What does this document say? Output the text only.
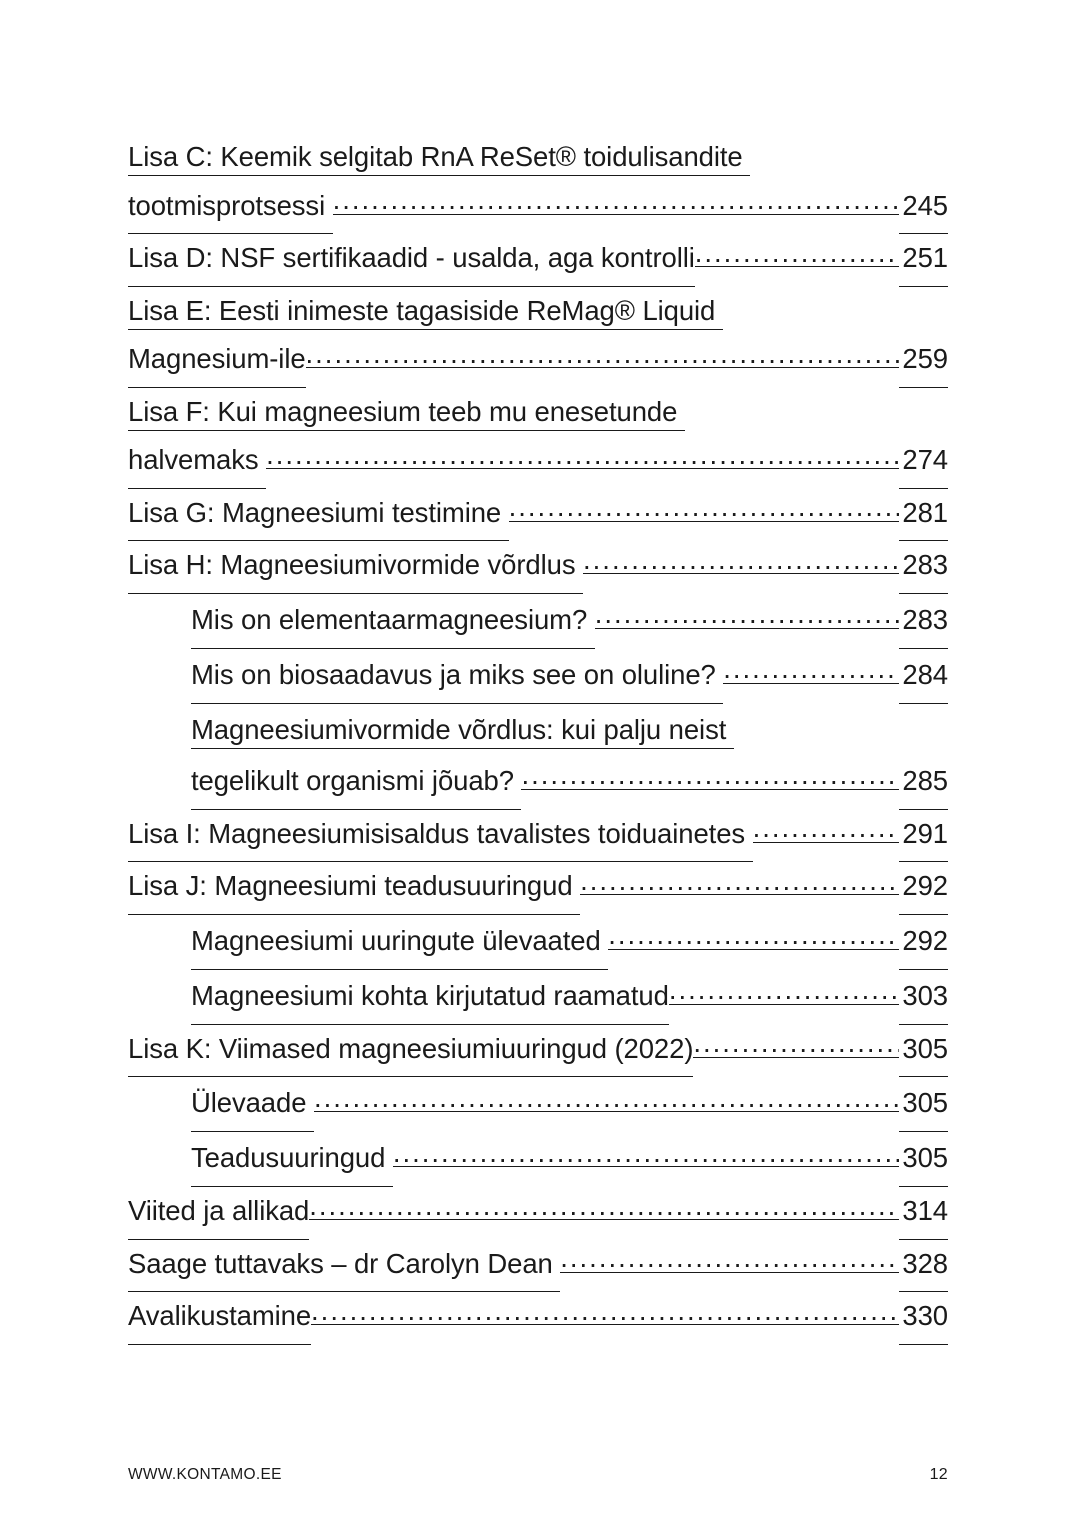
Lisa C: Keemik selgitab RnA ReSet® toidulisandite
tootmisprotsessi .....	245
Lisa D: NSF sertifikaadid - usalda, aga kontrolli .....	251
Lisa E: Eesti inimeste tagasiside ReMag® Liquid
Magnesium-ile .....	259
Lisa F: Kui magneesium teeb mu enesetunde
halvemaks .....	274
Lisa G: Magneesiumi testimine .....	281
Lisa H: Magneesiumivormide võrdlus .....	283
Mis on elementaarmagneesium? .....	283
Mis on biosaadavus ja miks see on oluline? .....	284
Magneesiumivormide võrdlus: kui palju neist
tegelikult organismi jõuab? .....	285
Lisa I: Magneesiumisisaldus tavalistes toiduainetes .....	291
Lisa J: Magneesiumi teadusuuringud .....	292
Magneesiumi uuringute ülevaated .....	292
Magneesiumi kohta kirjutatud raamatud .....	303
Lisa K: Viimased magneesiumiuuringud (2022) .....	305
Ülevaade .....	305
Teadusuuringud .....	305
Viited ja allikad .....	314
Saage tuttavaks – dr Carolyn Dean .....	328
Avalikustamine .....	330
WWW.KONTAMO.EE	12
